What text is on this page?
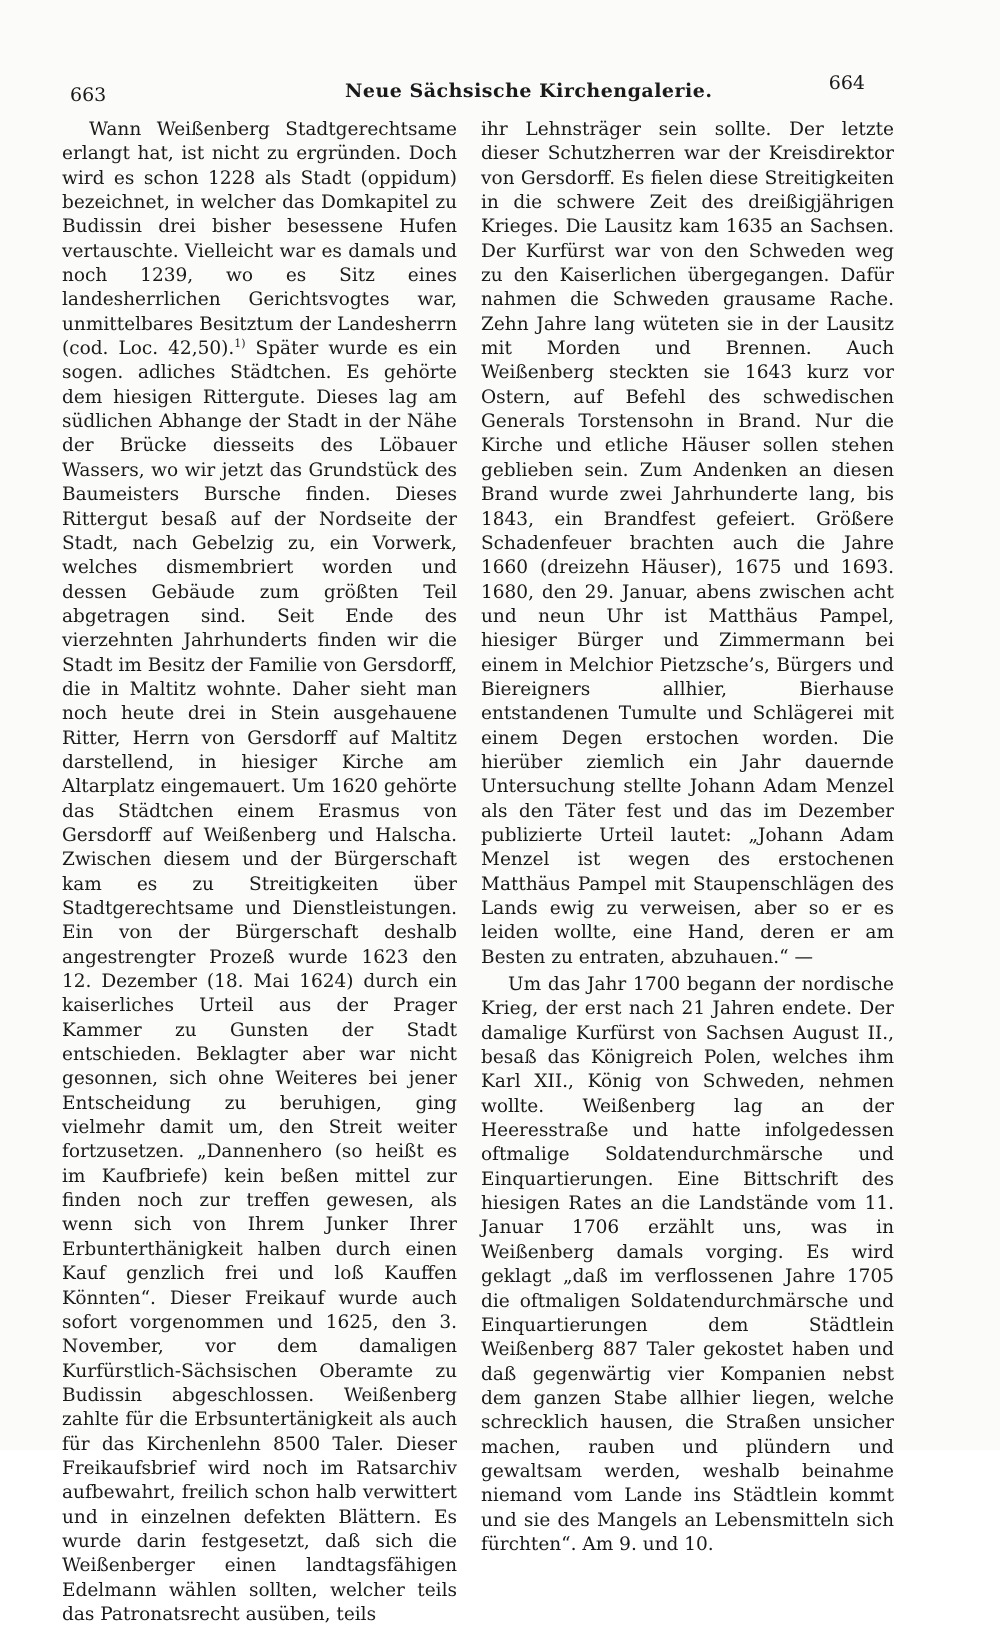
663	Neue Sächsische Kirchengalerie.	664

Wann Weißenberg Stadtgerechtsame erlangt hat, ist nicht zu ergründen. Doch wird es schon 1228 als Stadt (oppidum) bezeichnet, in welcher das Domkapitel zu Budissin drei bisher besessene Hufen vertauschte. Vielleicht war es damals und noch 1239, wo es Sitz eines landesherrlichen Gerichtsvogtes war, unmittelbares Besitztum der Landesherrn (cod. Loc. 42,50).$^{1)}$ Später wurde es ein sogen. adliches Städtchen. Es gehörte dem hiesigen Rittergute. Dieses lag am südlichen Abhange der Stadt in der Nähe der Brücke diesseits des Löbauer Wassers, wo wir jetzt das Grundstück des Baumeisters Bursche finden. Dieses Rittergut besaß auf der Nordseite der Stadt, nach Gebelzig zu, ein Vorwerk, welches dismembriert worden und dessen Gebäude zum größten Teil abgetragen sind. Seit Ende des vierzehnten Jahrhunderts finden wir die Stadt im Besitz der Familie von Gersdorff, die in Maltitz wohnte. Daher sieht man noch heute drei in Stein ausgehauene Ritter, Herrn von Gersdorff auf Maltitz darstellend, in hiesiger Kirche am Altarplatz eingemauert. Um 1620 gehörte das Städtchen einem Erasmus von Gersdorff auf Weißenberg und Halscha. Zwischen diesem und der Bürgerschaft kam es zu Streitigkeiten über Stadtgerechtsame und Dienstleistungen. Ein von der Bürgerschaft deshalb angestrengter Prozeß wurde 1623 den 12. Dezember (18. Mai 1624) durch ein kaiserliches Urteil aus der Prager Kammer zu Gunsten der Stadt entschieden. Beklagter aber war nicht gesonnen, sich ohne Weiteres bei jener Entscheidung zu beruhigen, ging vielmehr damit um, den Streit weiter fortzusetzen. „Dannenhero (so heißt es im Kaufbriefe) kein beßen mittel zur finden noch zur treffen gewesen, als wenn sich von Ihrem Junker Ihrer Erbunterthänigkeit halben durch einen Kauf genzlich frei und loß Kauffen Könnten“. Dieser Freikauf wurde auch sofort vorgenommen und 1625, den 3. November, vor dem damaligen Kurfürstlich-Sächsischen Oberamte zu Budissin abgeschlossen. Weißenberg zahlte für die Erbsuntertänigkeit als auch für das Kirchenlehn 8500 Taler. Dieser Freikaufsbrief wird noch im Ratsarchiv aufbewahrt, freilich schon halb verwittert und in einzelnen defekten Blättern. Es wurde darin festgesetzt, daß sich die Weißenberger einen landtagsfähigen Edelmann wählen sollten, welcher teils das Patronatsrecht ausüben, teils

ihr Lehnsträger sein sollte. Der letzte dieser Schutzherren war der Kreisdirektor von Gersdorff. Es fielen diese Streitigkeiten in die schwere Zeit des dreißigjährigen Krieges. Die Lausitz kam 1635 an Sachsen. Der Kurfürst war von den Schweden weg zu den Kaiserlichen übergegangen. Dafür nahmen die Schweden grausame Rache. Zehn Jahre lang wüteten sie in der Lausitz mit Morden und Brennen. Auch Weißenberg steckten sie 1643 kurz vor Ostern, auf Befehl des schwedischen Generals Torstensohn in Brand. Nur die Kirche und etliche Häuser sollen stehen geblieben sein. Zum Andenken an diesen Brand wurde zwei Jahrhunderte lang, bis 1843, ein Brandfest gefeiert. Größere Schadenfeuer brachten auch die Jahre 1660 (dreizehn Häuser), 1675 und 1693. 1680, den 29. Januar, abens zwischen acht und neun Uhr ist Matthäus Pampel, hiesiger Bürger und Zimmermann bei einem in Melchior Pietzsche’s, Bürgers und Biereigners allhier, Bierhause entstandenen Tumulte und Schlägerei mit einem Degen erstochen worden. Die hierüber ziemlich ein Jahr dauernde Untersuchung stellte Johann Adam Menzel als den Täter fest und das im Dezember publizierte Urteil lautet: „Johann Adam Menzel ist wegen des erstochenen Matthäus Pampel mit Staupenschlägen des Lands ewig zu verweisen, aber so er es leiden wollte, eine Hand, deren er am Besten zu entraten, abzuhauen.“ —

Um das Jahr 1700 begann der nordische Krieg, der erst nach 21 Jahren endete. Der damalige Kurfürst von Sachsen August II., besaß das Königreich Polen, welches ihm Karl XII., König von Schweden, nehmen wollte. Weißenberg lag an der Heeresstraße und hatte infolgedessen oftmalige Soldatendurchmärsche und Einquartierungen. Eine Bittschrift des hiesigen Rates an die Landstände vom 11. Januar 1706 erzählt uns, was in Weißenberg damals vorging. Es wird geklagt „daß im verflossenen Jahre 1705 die oftmaligen Soldatendurchmärsche und Einquartierungen dem Städtlein Weißenberg 887 Taler gekostet haben und daß gegenwärtig vier Kompanien nebst dem ganzen Stabe allhier liegen, welche schrecklich hausen, die Straßen unsicher machen, rauben und plündern und gewaltsam werden, weshalb beinahme niemand vom Lande ins Städtlein kommt und sie des Mangels an Lebensmitteln sich fürchten“. Am 9. und 10.
